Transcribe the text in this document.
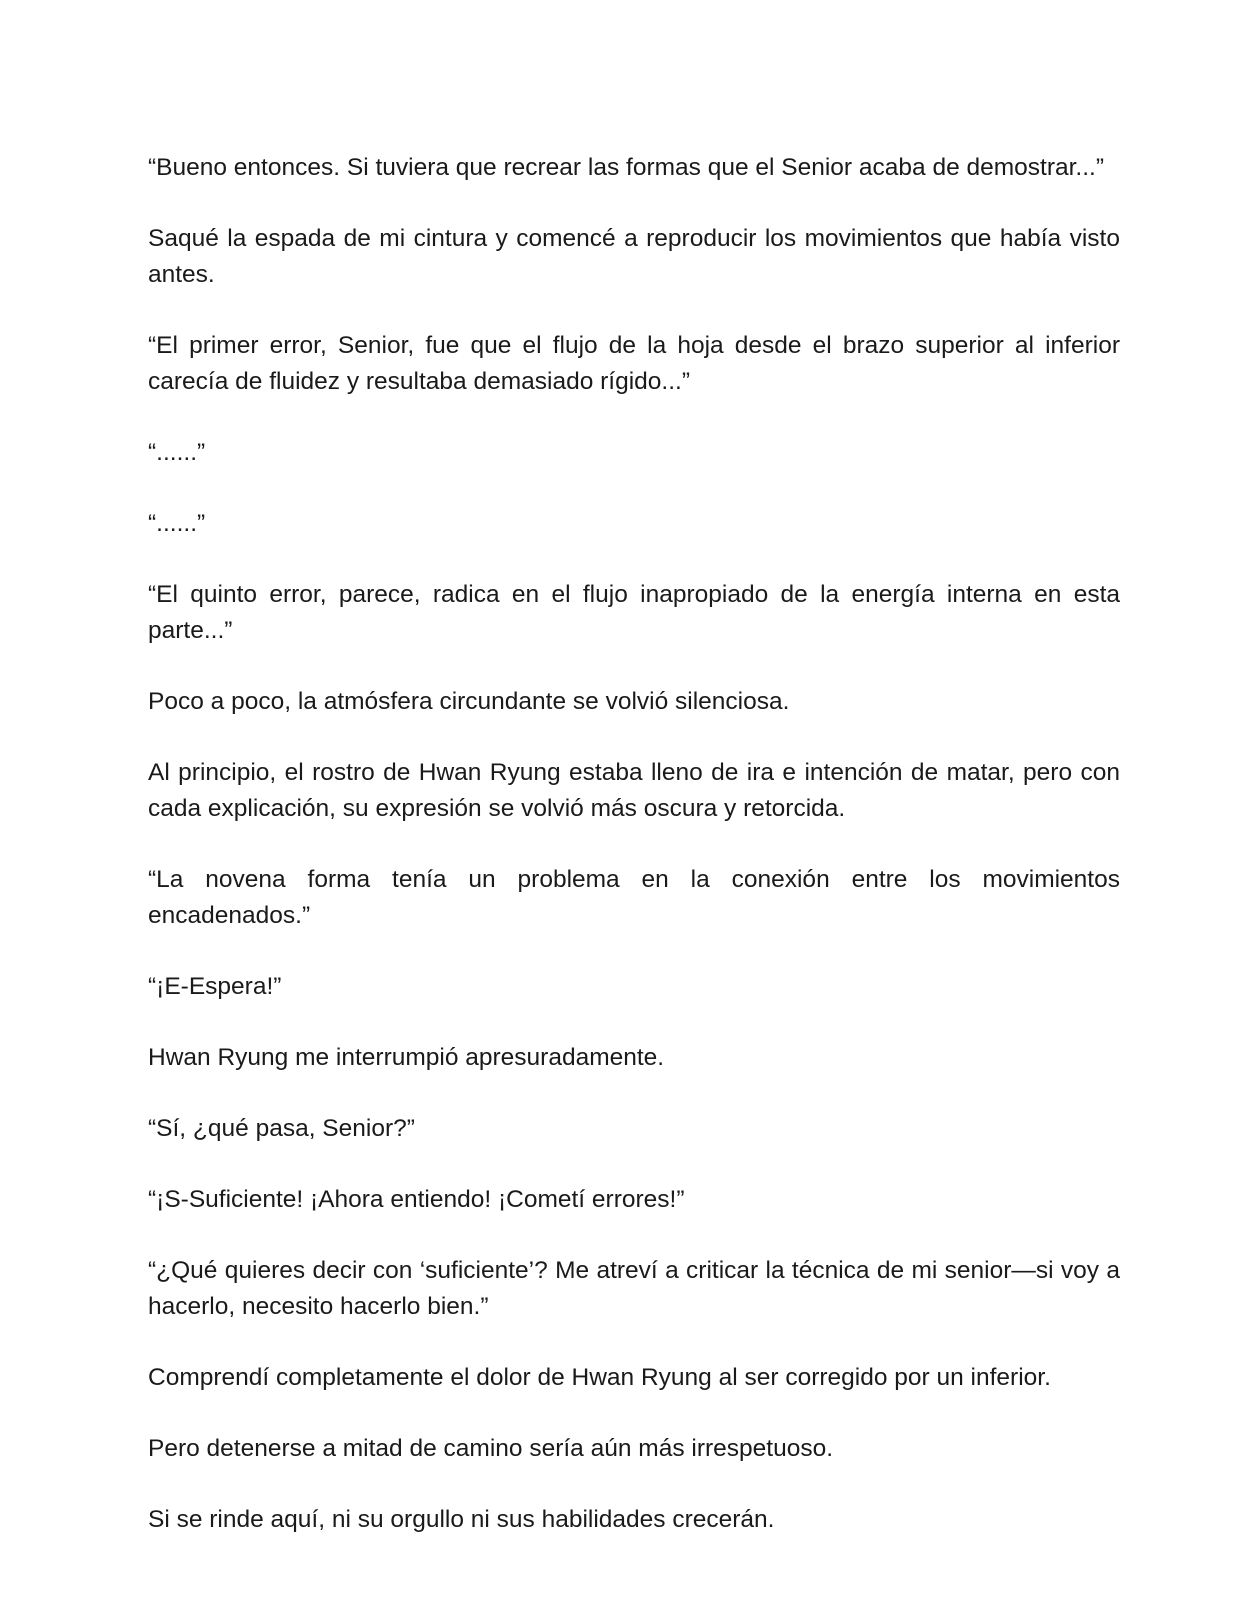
“Bueno entonces. Si tuviera que recrear las formas que el Senior acaba de demostrar...”

Saqué la espada de mi cintura y comencé a reproducir los movimientos que había visto antes.

“El primer error, Senior, fue que el flujo de la hoja desde el brazo superior al inferior carecía de fluidez y resultaba demasiado rígido...”

“......”

“......”

“El quinto error, parece, radica en el flujo inapropiado de la energía interna en esta parte...”

Poco a poco, la atmósfera circundante se volvió silenciosa.

Al principio, el rostro de Hwan Ryung estaba lleno de ira e intención de matar, pero con cada explicación, su expresión se volvió más oscura y retorcida.

“La novena forma tenía un problema en la conexión entre los movimientos encadenados.”

“¡E-Espera!”

Hwan Ryung me interrumpió apresuradamente.

“Sí, ¿qué pasa, Senior?”

“¡S-Suficiente! ¡Ahora entiendo! ¡Cometí errores!”

“¿Qué quieres decir con ‘suficiente’? Me atreví a criticar la técnica de mi senior—si voy a hacerlo, necesito hacerlo bien.”

Comprendí completamente el dolor de Hwan Ryung al ser corregido por un inferior.

Pero detenerse a mitad de camino sería aún más irrespetuoso.

Si se rinde aquí, ni su orgullo ni sus habilidades crecerán.
